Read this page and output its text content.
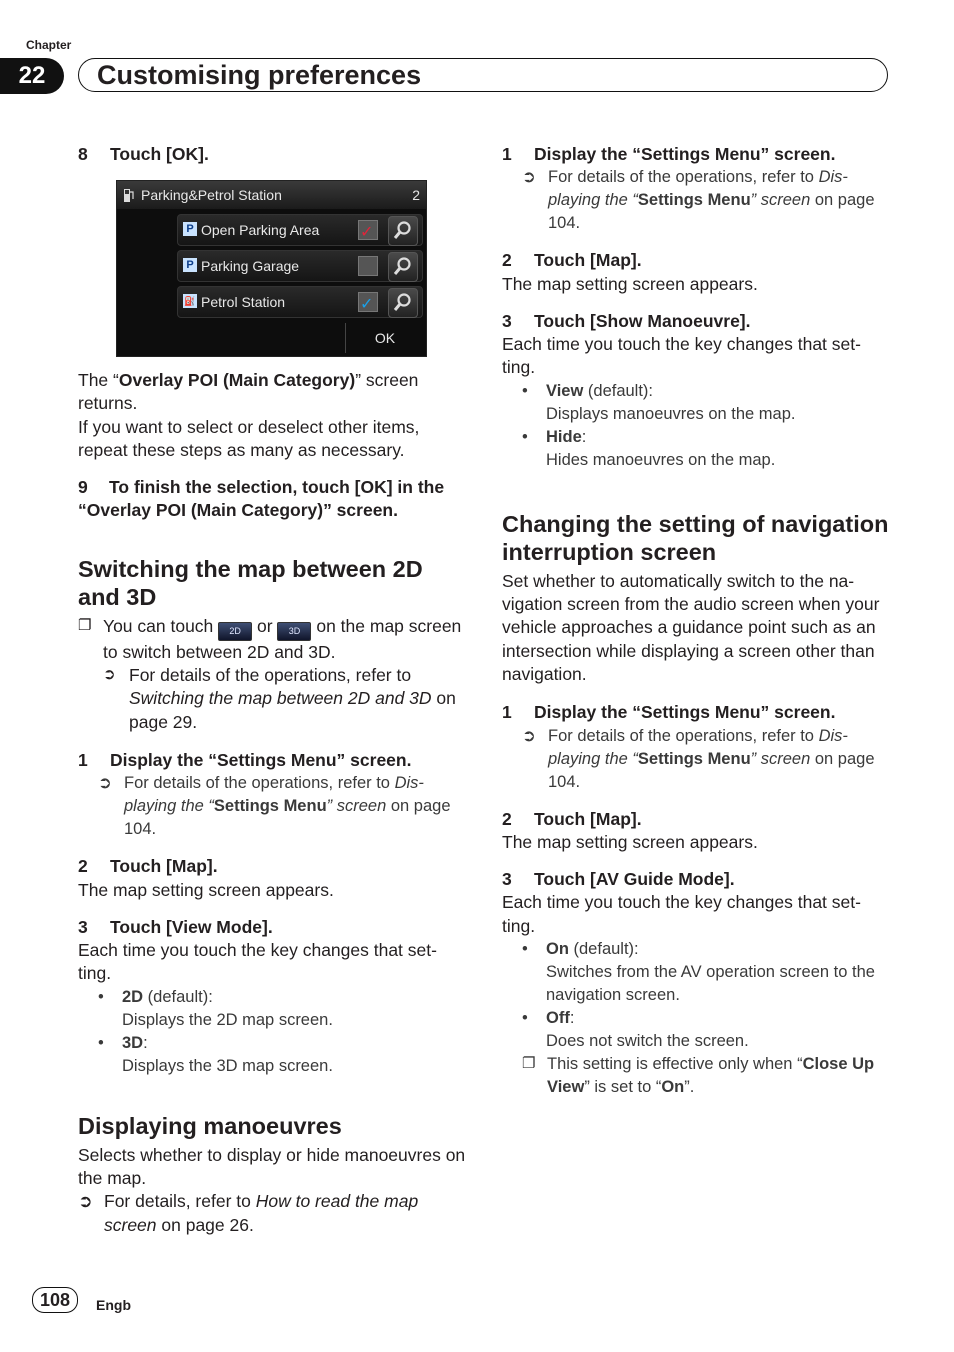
Chapter
22	Customising preferences

8 Touch [OK].

Parking&Petrol Station	2
P Open Parking Area	✓
P Parking Garage
⛽ Petrol Station	✓
OK

The “Overlay POI (Main Category)” screen returns.

If you want to select or deselect other items, repeat these steps as many as necessary.

9 To finish the selection, touch [OK] in the “Overlay POI (Main Category)” screen.

Switching the map between 2D and 3D

❐ You can touch 2D or 3D on the map screen to switch between 2D and 3D.
➲ For details of the operations, refer to Switching the map between 2D and 3D on page 29.

1 Display the “Settings Menu” screen.

➲ For details of the operations, refer to Dis-playing the “Settings Menu” screen on page 104.

2 Touch [Map].

The map setting screen appears.

3 Touch [View Mode].

Each time you touch the key changes that set-ting.

• 2D (default):
Displays the 2D map screen.
• 3D:
Displays the 3D map screen.

Displaying manoeuvres

Selects whether to display or hide manoeuvres on the map.

➲ For details, refer to How to read the map screen on page 26.

1 Display the “Settings Menu” screen.

➲ For details of the operations, refer to Dis-playing the “Settings Menu” screen on page 104.

2 Touch [Map].

The map setting screen appears.

3 Touch [Show Manoeuvre].

Each time you touch the key changes that set-ting.

• View (default):
Displays manoeuvres on the map.
• Hide:
Hides manoeuvres on the map.

Changing the setting of navigation interruption screen

Set whether to automatically switch to the na-vigation screen from the audio screen when your vehicle approaches a guidance point such as an intersection while displaying a screen other than navigation.

1 Display the “Settings Menu” screen.

➲ For details of the operations, refer to Dis-playing the “Settings Menu” screen on page 104.

2 Touch [Map].

The map setting screen appears.

3 Touch [AV Guide Mode].

Each time you touch the key changes that set-ting.

• On (default):
Switches from the AV operation screen to the navigation screen.
• Off:
Does not switch the screen.
❐ This setting is effective only when “Close Up View” is set to “On”.
108	Engb
